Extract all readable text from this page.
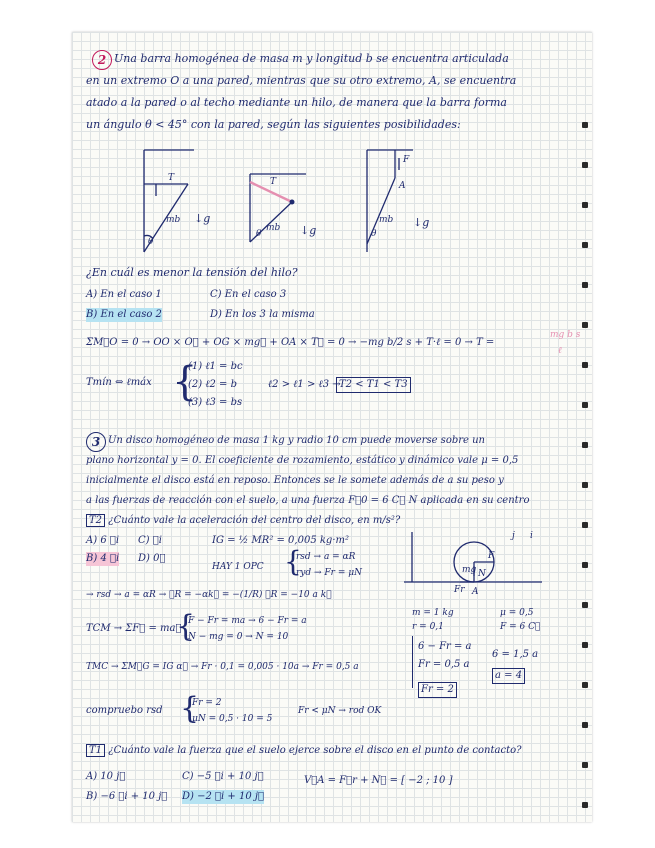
2 Una barra homogénea de masa m y longitud b se encuentra articulada
en un extremo O a una pared, mientras que su otro extremo, A, se encuentra
atado a la pared o al techo mediante un hilo, de manera que la barra forma
un ángulo θ < 45° con la pared, según las siguientes posibilidades:
T
θ
mb ↓g
T
θ
mb ↓g
F
A
θ
mb ↓g
¿En cuál es menor la tensión del hilo?
A) En el caso 1	C) En el caso 3
B) En el caso 2	D) En los 3 la misma
ΣM⃗O = 0 → OO × O⃗ + OG × mg⃗ + OA × T⃗ = 0 → −mg b/2 s + T·ℓ = 0 → T =
mg b s
ℓ
Tmín ⇔ ℓmáx {
(1) ℓ1 = bc
(2) ℓ2 = b
(3) ℓ3 = bs
ℓ2 > ℓ1 > ℓ3 →
T2 < T1 < T3
3 Un disco homogéneo de masa 1 kg y radio 10 cm puede moverse sobre un
plano horizontal y = 0. El coeficiente de rozamiento, estático y dinámico vale μ = 0,5
inicialmente el disco está en reposo. Entonces se le somete además de a su peso y
a las fuerzas de reacción con el suelo, a una fuerza F⃗0 = 6 C⃗ N aplicada en su centro
T2 ¿Cuánto vale la aceleración del centro del disco, en m/s²?
A) 6 ⃗i C) ⃗i
B) 4 ⃗i D) 0⃗
IG = ½ MR² = 0,005 kg·m²
HAY 1 OPC {
rsd → a = αR
ryd → Fr = μN
F
mg N
A
Fr
j i
m = 1 kg
r = 0,1
μ = 0,5
F = 6 C⃗
→ rsd → a = αR → ⃗R = −αk⃗ = −(1/R) ⃗R = −10 a k⃗
TCM → ΣF⃗ = ma⃗
{
F − Fr = ma → 6 − Fr = a
N − mg = 0 → N = 10
TMC → ΣM⃗G = IG α⃗ → Fr · 0,1 = 0,005 · 10a → Fr = 0,5 a
6 − Fr = a
Fr = 0,5 a
6 = 1,5 a
a = 4
Fr = 2
compruebo rsd {
Fr = 2
μN = 0,5 · 10 = 5
Fr < μN → rod OK
T1 ¿Cuánto vale la fuerza que el suelo ejerce sobre el disco en el punto de contacto?
A) 10 j⃗	C) −5 ⃗i + 10 j⃗
B) −6 ⃗i + 10 j⃗ D) −2 ⃗i + 10 j⃗
V⃗A = F⃗r + N⃗ = [ −2 ; 10 ]
